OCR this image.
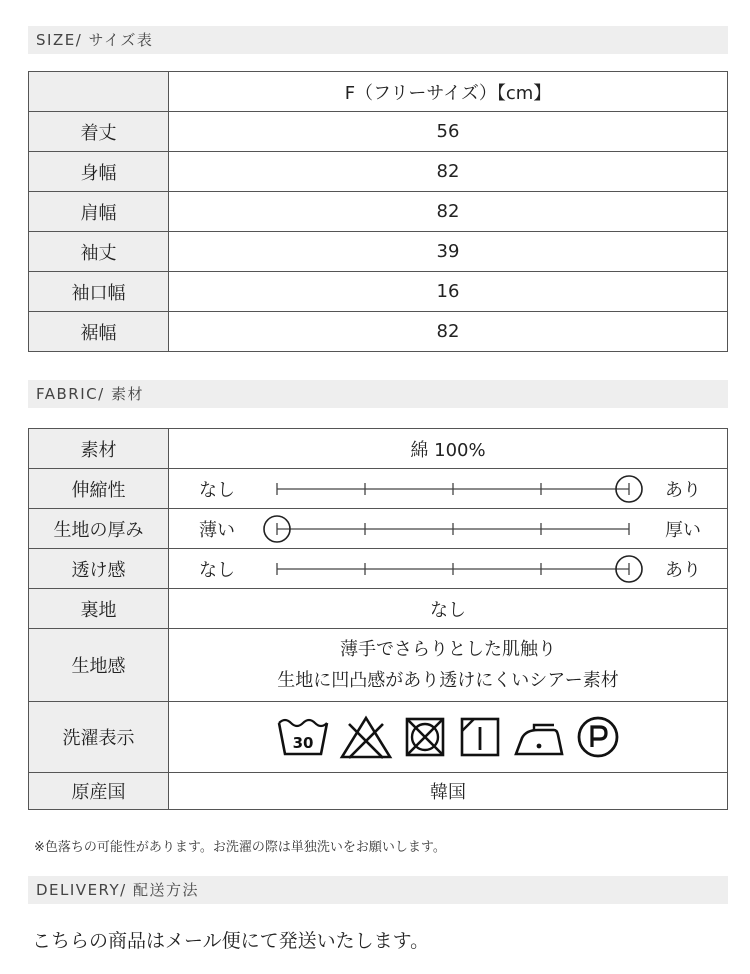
SIZE/ サイズ表
	F（フリーサイズ）【cm】
着丈	56
身幅	82
肩幅	82
袖丈	39
袖口幅	16
裾幅	82
FABRIC/ 素材
素材	綿 100%
伸縮性	なし あり

生地の厚み	薄い 厚い

透け感	なし あり

裏地	なし
生地感	薄手でさらりとした肌触り
生地に凹凸感があり透けにくいシアー素材

洗濯表示	30

原産国	韓国
※色落ちの可能性があります。お洗濯の際は単独洗いをお願いします。
DELIVERY/ 配送方法
こちらの商品はメール便にて発送いたします。
